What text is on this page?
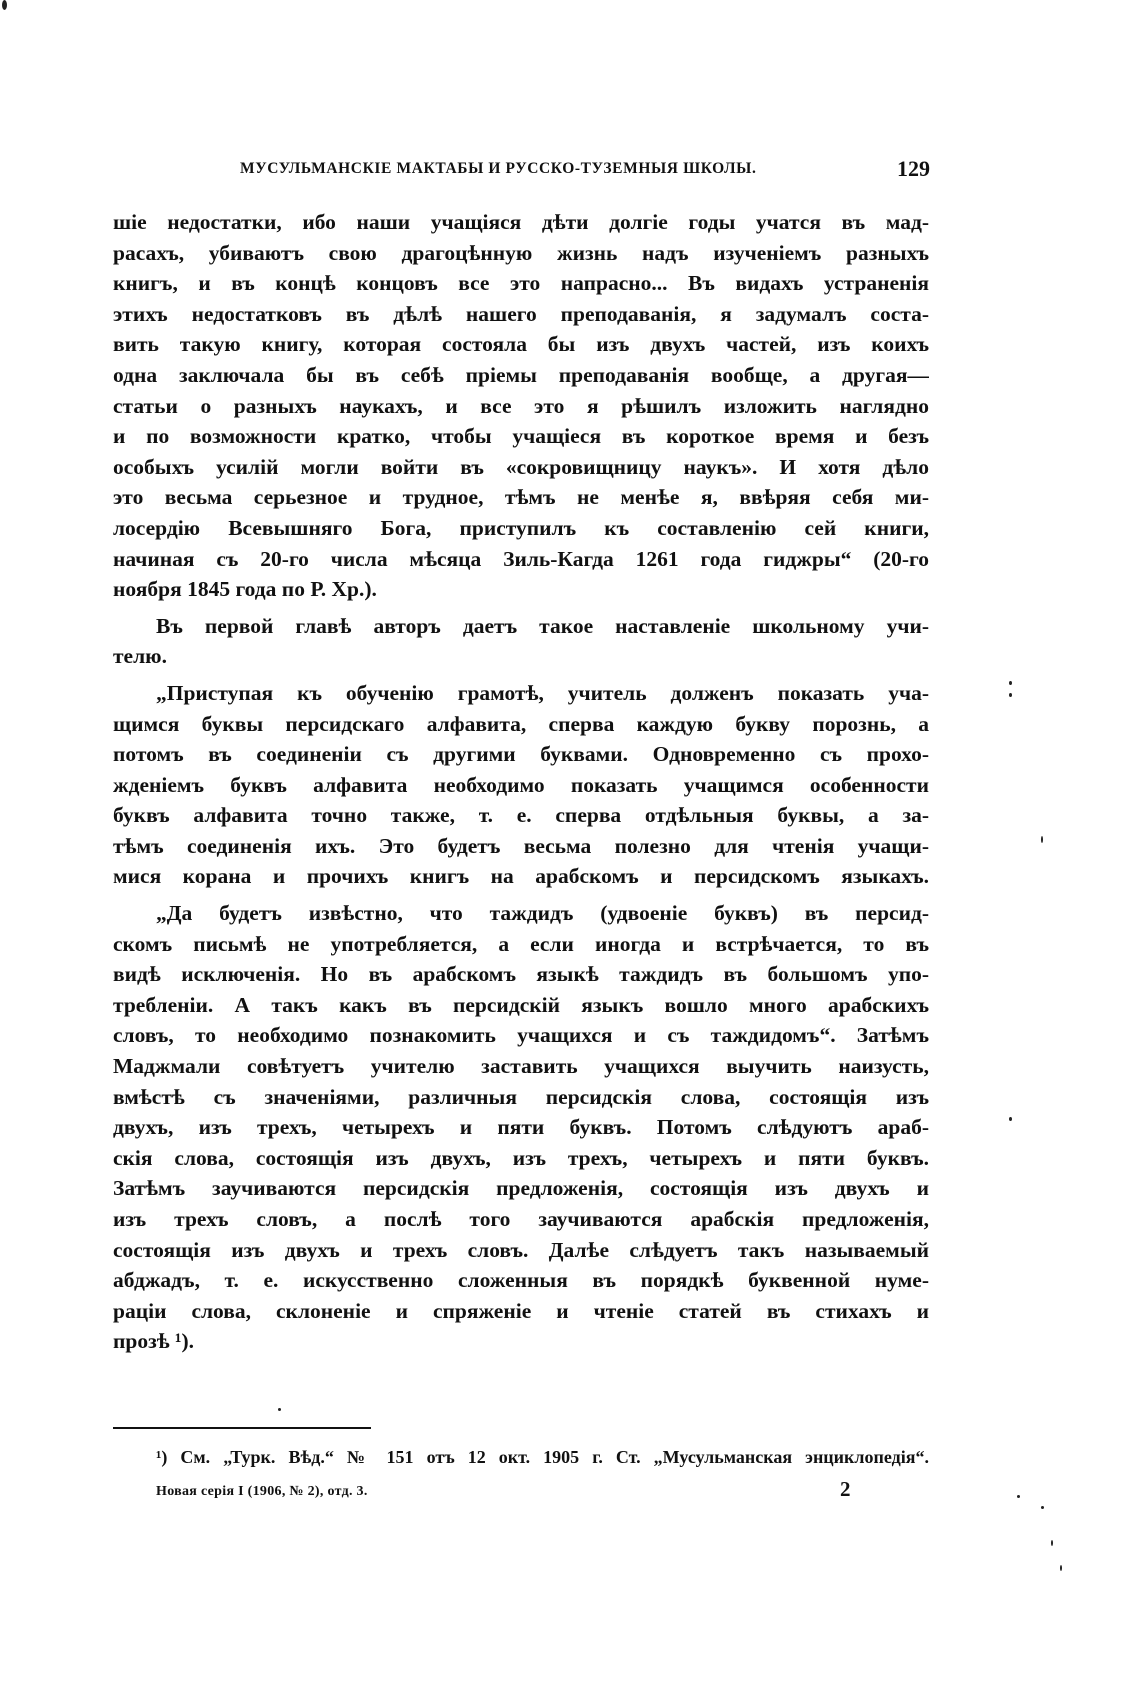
МУСУЛЬМАНСКІЕ МАКТАБЫ И РУССКО-ТУЗЕМНЫЯ ШКОЛЫ.	129
шіе недостатки, ибо наши учащіяся дѣти долгіе годы учатся въ мад-
расахъ, убиваютъ свою драгоцѣнную жизнь надъ изученіемъ разныхъ
книгъ, и въ концѣ концовъ все это напрасно... Въ видахъ устраненія
этихъ недостатковъ въ дѣлѣ нашего преподаванія, я задумалъ соста-
вить такую книгу, которая состояла бы изъ двухъ частей, изъ коихъ
одна заключала бы въ себѣ пріемы преподаванія вообще, а другая—
статьи о разныхъ наукахъ, и все это я рѣшилъ изложить наглядно
и по возможности кратко, чтобы учащіеся въ короткое время и безъ
особыхъ усилій могли войти въ «сокровищницу наукъ». И хотя дѣло
это весьма серьезное и трудное, тѣмъ не менѣе я, ввѣряя себя ми-
лосердію Всевышняго Бога, приступилъ къ составленію сей книги,
начиная съ 20-го числа мѣсяца Зиль-Кагда 1261 года гиджры“ (20-го
ноября 1845 года по Р. Хр.).
Въ первой главѣ авторъ даетъ такое наставленіе школьному учи-
телю.
„Приступая къ обученію грамотѣ, учитель долженъ показать уча-
щимся буквы персидскаго алфавита, сперва каждую букву порознь, а
потомъ въ соединеніи съ другими буквами. Одновременно съ прохо-
жденіемъ буквъ алфавита необходимо показать учащимся особенности
буквъ алфавита точно также, т. е. сперва отдѣльныя буквы, а за-
тѣмъ соединенія ихъ. Это будетъ весьма полезно для чтенія учащи-
мися корана и прочихъ книгъ на арабскомъ и персидскомъ языкахъ.
„Да будетъ извѣстно, что таждидъ (удвоеніе буквъ) въ персид-
скомъ письмѣ не употребляется, а если иногда и встрѣчается, то въ
видѣ исключенія. Но въ арабскомъ языкѣ таждидъ въ большомъ упо-
требленіи. А такъ какъ въ персидскій языкъ вошло много арабскихъ
словъ, то необходимо познакомить учащихся и съ таждидомъ“. Затѣмъ
Маджмали совѣтуетъ учителю заставить учащихся выучить наизусть,
вмѣстѣ съ значеніями, различныя персидскія слова, состоящія изъ
двухъ, изъ трехъ, четырехъ и пяти буквъ. Потомъ слѣдуютъ араб-
скія слова, состоящія изъ двухъ, изъ трехъ, четырехъ и пяти буквъ.
Затѣмъ заучиваются персидскія предложенія, состоящія изъ двухъ и
изъ трехъ словъ, а послѣ того заучиваются арабскія предложенія,
состоящія изъ двухъ и трехъ словъ. Далѣе слѣдуетъ такъ называемый
абджадъ, т. е. искусственно сложенныя въ порядкѣ буквенной нуме-
раціи слова, склоненіе и спряженіе и чтеніе статей въ стихахъ и
прозѣ ¹).
¹) См. „Турк. Вѣд.“ № 151 отъ 12 окт. 1905 г. Ст. „Мусульманская энциклопедія“.
Новая серія I (1906, № 2), отд. 3.	2
